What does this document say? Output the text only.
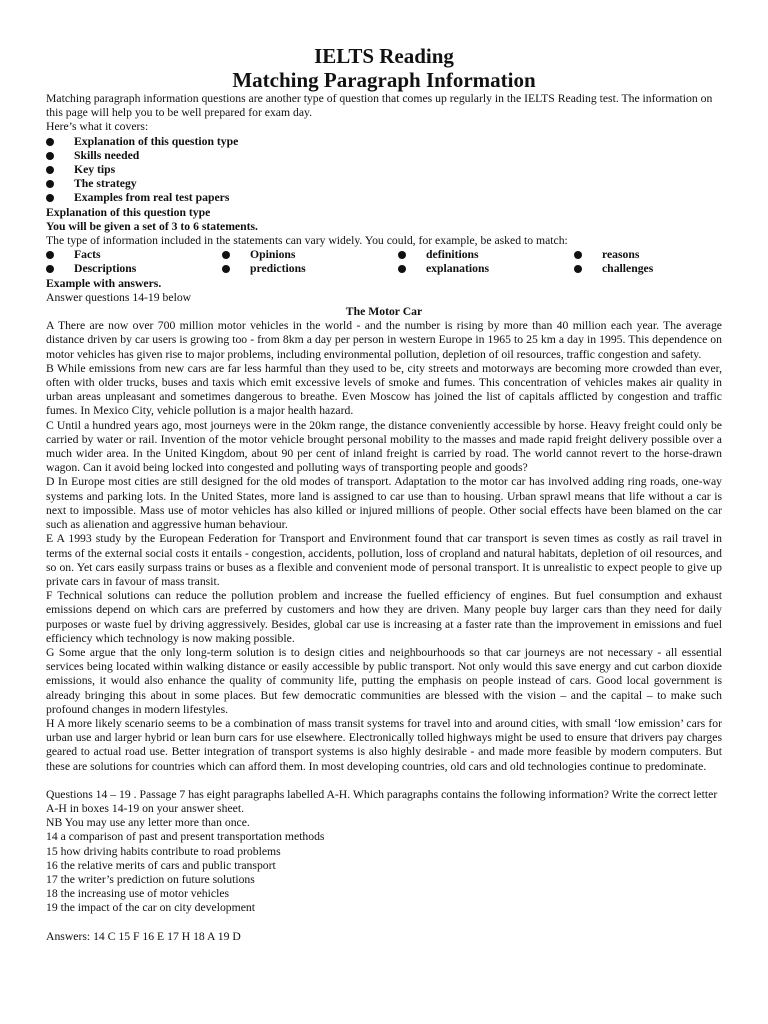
IELTS Reading
Matching Paragraph Information

Matching paragraph information questions are another type of question that comes up regularly in the IELTS Reading test. The information on this page will help you to be well prepared for exam day.

Here’s what it covers:

Explanation of this question type
Skills needed
Key tips
The strategy
Examples from real test papers

Explanation of this question type

You will be given a set of 3 to 6 statements.

The type of information included in the statements can vary widely. You could, for example, be asked to match:

Facts	Opinions	definitions	reasons
Descriptions	predictions	explanations	challenges

Example with answers.

Answer questions 14-19 below

The Motor Car

A There are now over 700 million motor vehicles in the world - and the number is rising by more than 40 million each year. The average distance driven by car users is growing too - from 8km a day per person in western Europe in 1965 to 25 km a day in 1995. This dependence on motor vehicles has given rise to major problems, including environmental pollution, depletion of oil resources, traffic congestion and safety.

B While emissions from new cars are far less harmful than they used to be, city streets and motorways are becoming more crowded than ever, often with older trucks, buses and taxis which emit excessive levels of smoke and fumes. This concentration of vehicles makes air quality in urban areas unpleasant and sometimes dangerous to breathe. Even Moscow has joined the list of capitals afflicted by congestion and traffic fumes. In Mexico City, vehicle pollution is a major health hazard.

C Until a hundred years ago, most journeys were in the 20km range, the distance conveniently accessible by horse. Heavy freight could only be carried by water or rail. Invention of the motor vehicle brought personal mobility to the masses and made rapid freight delivery possible over a much wider area. In the United Kingdom, about 90 per cent of inland freight is carried by road. The world cannot revert to the horse-drawn wagon. Can it avoid being locked into congested and polluting ways of transporting people and goods?

D In Europe most cities are still designed for the old modes of transport. Adaptation to the motor car has involved adding ring roads, one-way systems and parking lots. In the United States, more land is assigned to car use than to housing. Urban sprawl means that life without a car is next to impossible. Mass use of motor vehicles has also killed or injured millions of people. Other social effects have been blamed on the car such as alienation and aggressive human behaviour.

E A 1993 study by the European Federation for Transport and Environment found that car transport is seven times as costly as rail travel in terms of the external social costs it entails - congestion, accidents, pollution, loss of cropland and natural habitats, depletion of oil resources, and so on. Yet cars easily surpass trains or buses as a flexible and convenient mode of personal transport. It is unrealistic to expect people to give up private cars in favour of mass transit.

F Technical solutions can reduce the pollution problem and increase the fuelled efficiency of engines. But fuel consumption and exhaust emissions depend on which cars are preferred by customers and how they are driven. Many people buy larger cars than they need for daily purposes or waste fuel by driving aggressively. Besides, global car use is increasing at a faster rate than the improvement in emissions and fuel efficiency which technology is now making possible.

G Some argue that the only long-term solution is to design cities and neighbourhoods so that car journeys are not necessary - all essential services being located within walking distance or easily accessible by public transport. Not only would this save energy and cut carbon dioxide emissions, it would also enhance the quality of community life, putting the emphasis on people instead of cars. Good local government is already bringing this about in some places. But few democratic communities are blessed with the vision – and the capital – to make such profound changes in modern lifestyles.

H A more likely scenario seems to be a combination of mass transit systems for travel into and around cities, with small ‘low emission’ cars for urban use and larger hybrid or lean burn cars for use elsewhere. Electronically tolled highways might be used to ensure that drivers pay charges geared to actual road use. Better integration of transport systems is also highly desirable - and made more feasible by modern computers. But these are solutions for countries which can afford them. In most developing countries, old cars and old technologies continue to predominate.

Questions 14 – 19 . Passage 7 has eight paragraphs labelled A-H. Which paragraphs contains the following information? Write the correct letter A-H in boxes 14-19 on your answer sheet.

NB You may use any letter more than once.

14 a comparison of past and present transportation methods

15 how driving habits contribute to road problems

16 the relative merits of cars and public transport

17 the writer’s prediction on future solutions

18 the increasing use of motor vehicles

19 the impact of the car on city development

Answers: 14 C 15 F 16 E 17 H 18 A 19 D
